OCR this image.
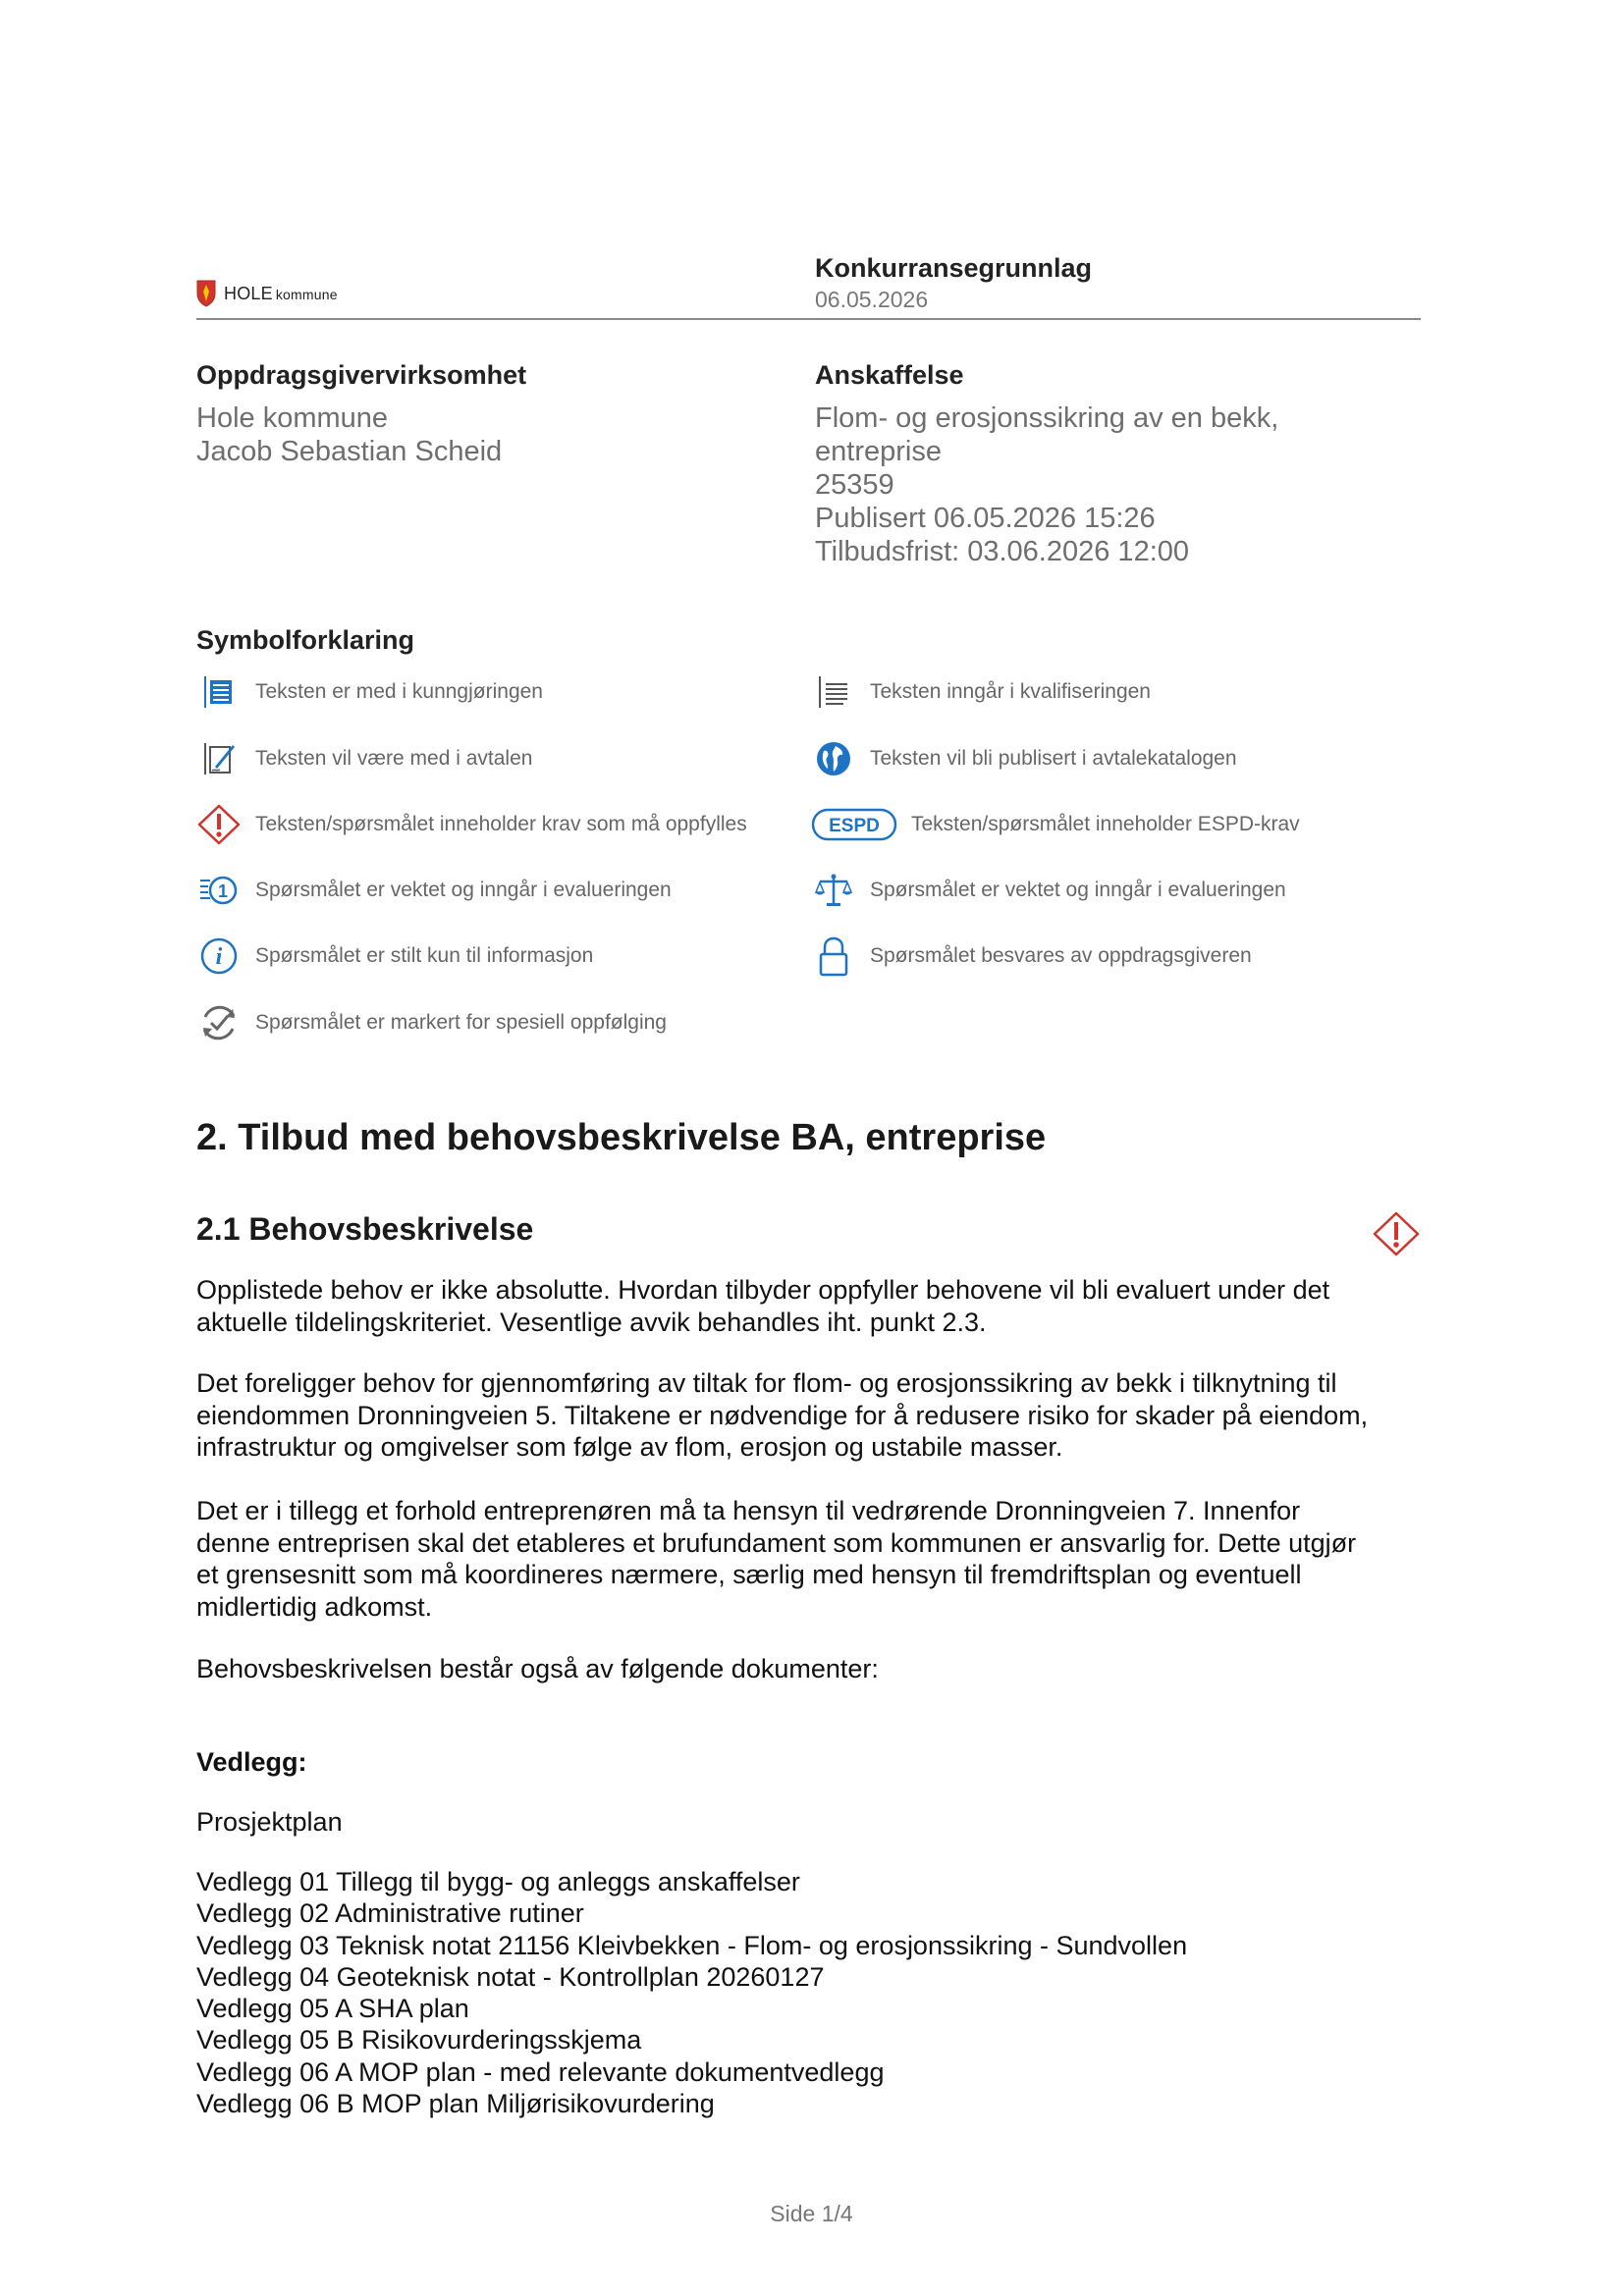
HOLE kommune
Konkurransegrunnlag
06.05.2026
Oppdragsgivervirksomhet
Hole kommune
Jacob Sebastian Scheid
Anskaffelse
Flom- og erosjonssikring av en bekk,
entreprise
25359
Publisert 06.05.2026 15:26
Tilbudsfrist: 03.06.2026 12:00
Symbolforklaring
Teksten er med i kunngjøringen	Teksten inngår i kvalifiseringen
Teksten vil være med i avtalen	Teksten vil bli publisert i avtalekatalogen
Teksten/spørsmålet inneholder krav som må oppfylles	ESPD Teksten/spørsmålet inneholder ESPD-krav
1 Spørsmålet er vektet og inngår i evalueringen	Spørsmålet er vektet og inngår i evalueringen
i Spørsmålet er stilt kun til informasjon	Spørsmålet besvares av oppdragsgiveren
Spørsmålet er markert for spesiell oppfølging
2. Tilbud med behovsbeskrivelse BA, entreprise
2.1 Behovsbeskrivelse
Opplistede behov er ikke absolutte. Hvordan tilbyder oppfyller behovene vil bli evaluert under det
aktuelle tildelingskriteriet. Vesentlige avvik behandles iht. punkt 2.3.
Det foreligger behov for gjennomføring av tiltak for flom- og erosjonssikring av bekk i tilknytning til
eiendommen Dronningveien 5. Tiltakene er nødvendige for å redusere risiko for skader på eiendom,
infrastruktur og omgivelser som følge av flom, erosjon og ustabile masser.
Det er i tillegg et forhold entreprenøren må ta hensyn til vedrørende Dronningveien 7. Innenfor
denne entreprisen skal det etableres et brufundament som kommunen er ansvarlig for. Dette utgjør
et grensesnitt som må koordineres nærmere, særlig med hensyn til fremdriftsplan og eventuell
midlertidig adkomst.
Behovsbeskrivelsen består også av følgende dokumenter:
Vedlegg:
Prosjektplan
Vedlegg 01 Tillegg til bygg- og anleggs anskaffelser
Vedlegg 02 Administrative rutiner
Vedlegg 03 Teknisk notat 21156 Kleivbekken - Flom- og erosjonssikring - Sundvollen
Vedlegg 04 Geoteknisk notat - Kontrollplan 20260127
Vedlegg 05 A SHA plan
Vedlegg 05 B Risikovurderingsskjema
Vedlegg 06 A MOP plan - med relevante dokumentvedlegg
Vedlegg 06 B MOP plan Miljørisikovurdering
Side 1/4
